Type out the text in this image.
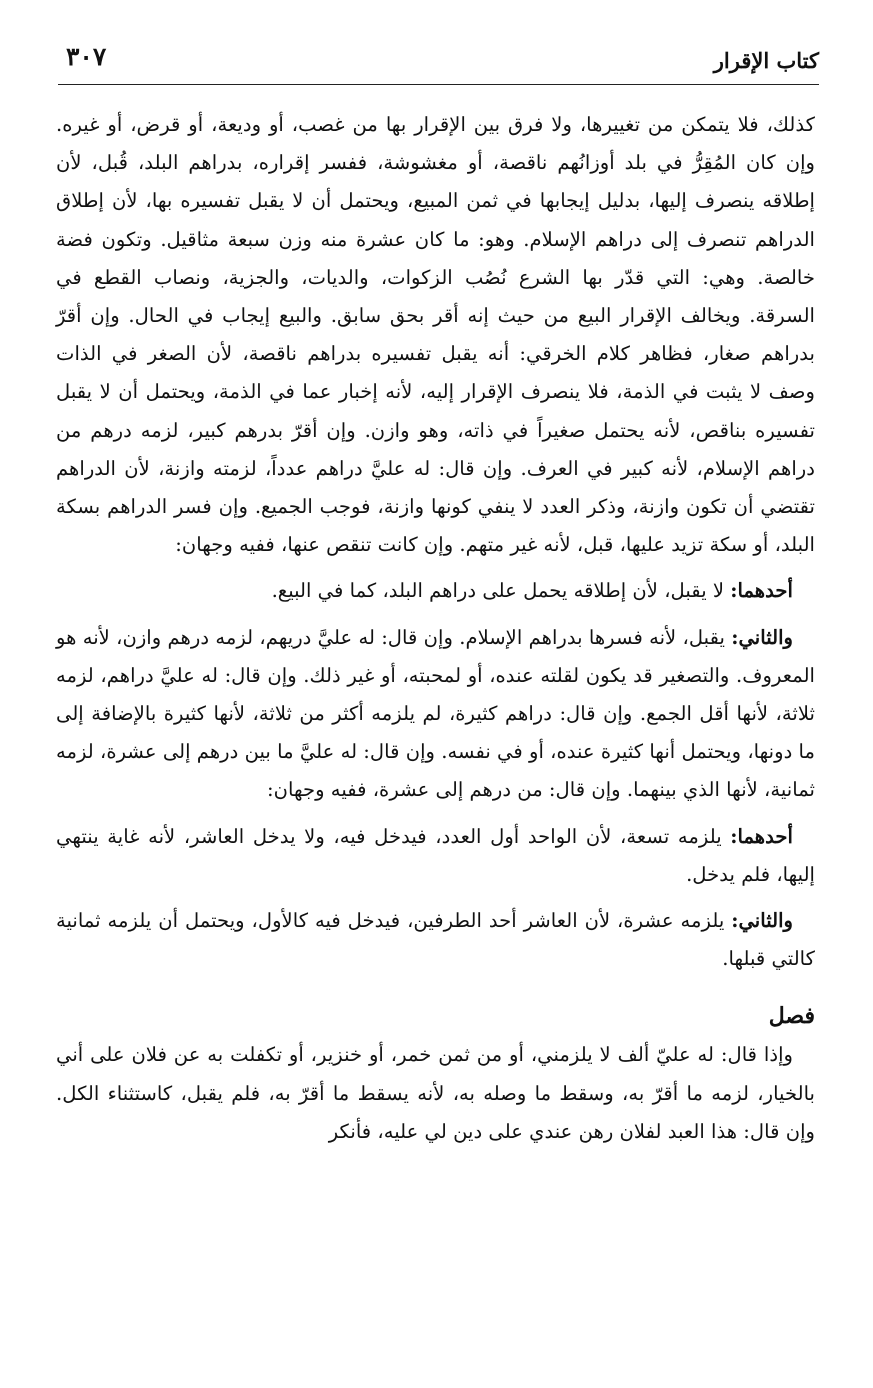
كتاب الإقرار
٣٠٧

كذلك، فلا يتمكن من تغييرها، ولا فرق بين الإقرار بها من غصب، أو وديعة، أو قرض، أو غيره. وإن كان المُقِرُّ في بلد أوزانُهم ناقصة، أو مغشوشة، ففسر إقراره، بدراهم البلد، قُبل، لأن إطلاقه ينصرف إليها، بدليل إيجابها في ثمن المبيع، ويحتمل أن لا يقبل تفسيره بها، لأن إطلاق الدراهم تنصرف إلى دراهم الإسلام. وهو: ما كان عشرة منه وزن سبعة مثاقيل. وتكون فضة خالصة. وهي: التي قدّر بها الشرع نُصُب الزكوات، والديات، والجزية، ونصاب القطع في السرقة. ويخالف الإقرار البيع من حيث إنه أقر بحق سابق. والبيع إيجاب في الحال. وإن أقرّ بدراهم صغار، فظاهر كلام الخرقي: أنه يقبل تفسيره بدراهم ناقصة، لأن الصغر في الذات وصف لا يثبت في الذمة، فلا ينصرف الإقرار إليه، لأنه إخبار عما في الذمة، ويحتمل أن لا يقبل تفسيره بناقص، لأنه يحتمل صغيراً في ذاته، وهو وازن. وإن أقرّ بدرهم كبير، لزمه درهم من دراهم الإسلام، لأنه كبير في العرف. وإن قال: له عليَّ دراهم عدداً، لزمته وازنة، لأن الدراهم تقتضي أن تكون وازنة، وذكر العدد لا ينفي كونها وازنة، فوجب الجميع. وإن فسر الدراهم بسكة البلد، أو سكة تزيد عليها، قبل، لأنه غير متهم. وإن كانت تنقص عنها، ففيه وجهان:

أحدهما: لا يقبل، لأن إطلاقه يحمل على دراهم البلد، كما في البيع.

والثاني: يقبل، لأنه فسرها بدراهم الإسلام. وإن قال: له عليَّ دريهم، لزمه درهم وازن، لأنه هو المعروف. والتصغير قد يكون لقلته عنده، أو لمحبته، أو غير ذلك. وإن قال: له عليَّ دراهم، لزمه ثلاثة، لأنها أقل الجمع. وإن قال: دراهم كثيرة، لم يلزمه أكثر من ثلاثة، لأنها كثيرة بالإضافة إلى ما دونها، ويحتمل أنها كثيرة عنده، أو في نفسه. وإن قال: له عليَّ ما بين درهم إلى عشرة، لزمه ثمانية، لأنها الذي بينهما. وإن قال: من درهم إلى عشرة، ففيه وجهان:

أحدهما: يلزمه تسعة، لأن الواحد أول العدد، فيدخل فيه، ولا يدخل العاشر، لأنه غاية ينتهي إليها، فلم يدخل.

والثاني: يلزمه عشرة، لأن العاشر أحد الطرفين، فيدخل فيه كالأول، ويحتمل أن يلزمه ثمانية كالتي قبلها.

فصل

وإذا قال: له عليّ ألف لا يلزمني، أو من ثمن خمر، أو خنزير، أو تكفلت به عن فلان على أني بالخيار، لزمه ما أقرّ به، وسقط ما وصله به، لأنه يسقط ما أقرّ به، فلم يقبل، كاستثناء الكل. وإن قال: هذا العبد لفلان رهن عندي على دين لي عليه، فأنكر
